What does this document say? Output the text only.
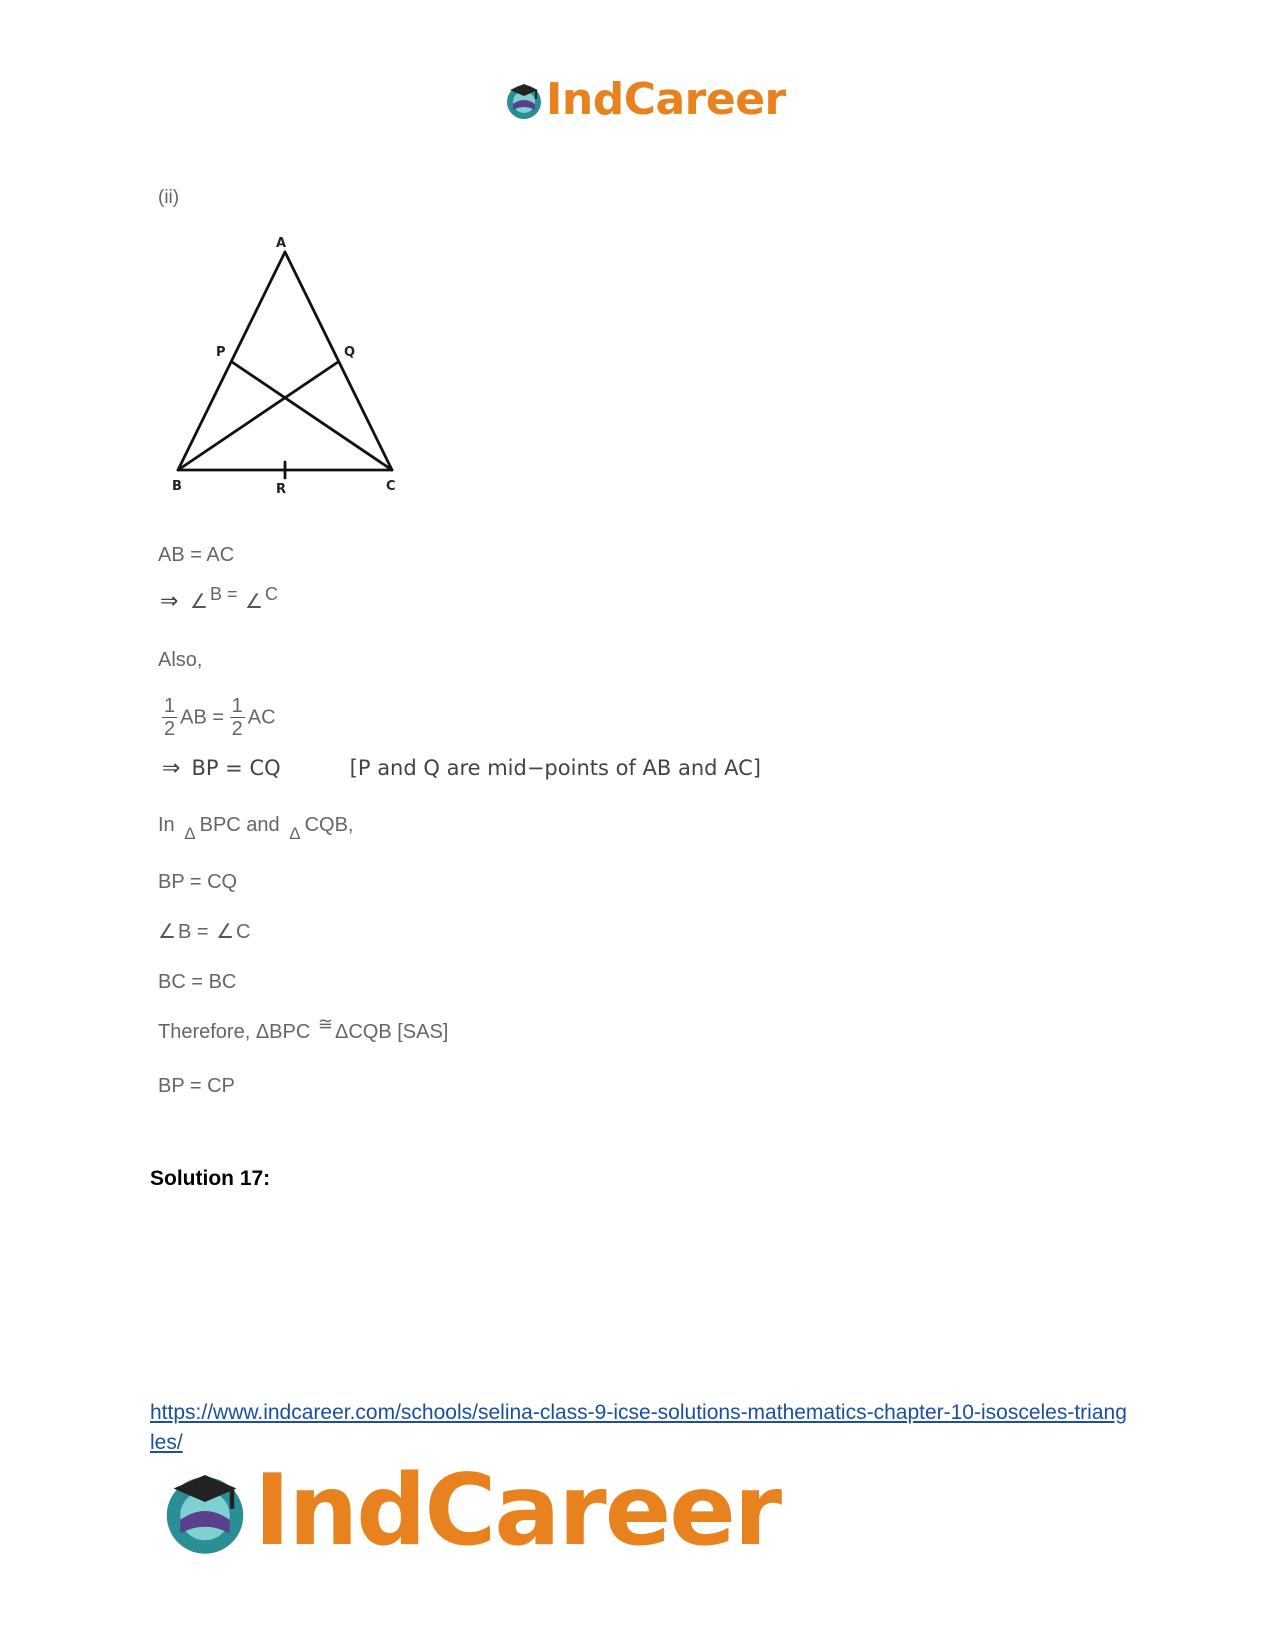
IndCareer
(ii)
A
B	C
P	Q
R
AB = AC
⇒ ∠ B = ∠ C
Also,
$\frac{1}{2}$ AB = $\frac{1}{2}$ AC
⇒ BP = CQ	[P and Q are mid−points of AB and AC]
In $_\Delta$ BPC and $_\Delta$ CQB,
BP = CQ
∠ B = ∠ C
BC = BC
Therefore, ΔBPC ≅ ΔCQB [SAS]
BP = CP
Solution 17:
https://www.indcareer.com/schools/selina-class-9-icse-solutions-mathematics-chapter-10-isosceles-triangles/
IndCareer
